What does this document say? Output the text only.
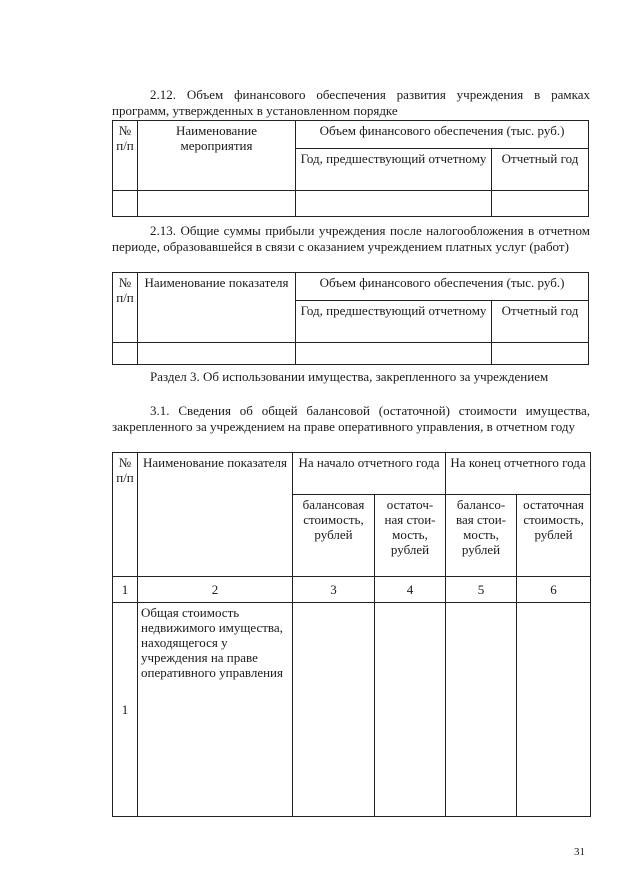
2.12. Объем финансового обеспечения развития учреждения в рамках программ, утвержденных в установленном порядке

№ п/п	Наименование мероприятия	Объем финансового обеспечения (тыс. руб.)	
		Год, предшествующий отчетному	Отчетный год

2.13. Общие суммы прибыли учреждения после налогообложения в отчетном периоде, образовавшейся в связи с оказанием учреждением платных услуг (работ)

№ п/п	Наименование показателя	Объем финансового обеспечения (тыс. руб.)	
		Год, предшествующий отчетному	Отчетный год

Раздел 3. Об использовании имущества, закрепленного за учреждением

3.1. Сведения об общей балансовой (остаточной) стоимости имущества, закрепленного за учреждением на праве оперативного управления, в отчетном году

№ п/п	Наименование показателя	На начало отчетного года		На конец отчетного года	
		балансовая стоимость, рублей	остаточ- ная стои- мость, рублей	балансо- вая стои- мость, рублей	остаточная стоимость, рублей
1	2	3	4	5	6
1	Общая стоимость недвижимого имущества, находящегося у учреждения на праве оперативного управления				
31
